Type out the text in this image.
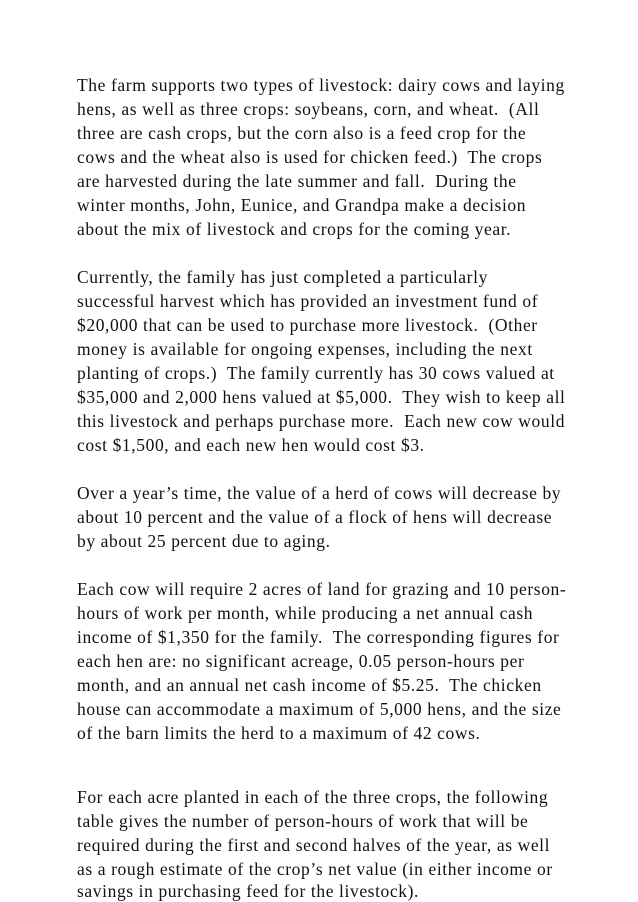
The farm supports two types of livestock: dairy cows and laying

hens, as well as three crops: soybeans, corn, and wheat.  (All

three are cash crops, but the corn also is a feed crop for the

cows and the wheat also is used for chicken feed.)  The crops

are harvested during the late summer and fall.  During the

winter months, John, Eunice, and Grandpa make a decision

about the mix of livestock and crops for the coming year.

Currently, the family has just completed a particularly

successful harvest which has provided an investment fund of

$20,000 that can be used to purchase more livestock.  (Other

money is available for ongoing expenses, including the next

planting of crops.)  The family currently has 30 cows valued at

$35,000 and 2,000 hens valued at $5,000.  They wish to keep all

this livestock and perhaps purchase more.  Each new cow would

cost $1,500, and each new hen would cost $3.

Over a year’s time, the value of a herd of cows will decrease by

about 10 percent and the value of a flock of hens will decrease

by about 25 percent due to aging.

Each cow will require 2 acres of land for grazing and 10 person-

hours of work per month, while producing a net annual cash

income of $1,350 for the family.  The corresponding figures for

each hen are: no significant acreage, 0.05 person-hours per

month, and an annual net cash income of $5.25.  The chicken

house can accommodate a maximum of 5,000 hens, and the size

of the barn limits the herd to a maximum of 42 cows.

For each acre planted in each of the three crops, the following

table gives the number of person-hours of work that will be

required during the first and second halves of the year, as well

as a rough estimate of the crop’s net value (in either income or

savings in purchasing feed for the livestock).
